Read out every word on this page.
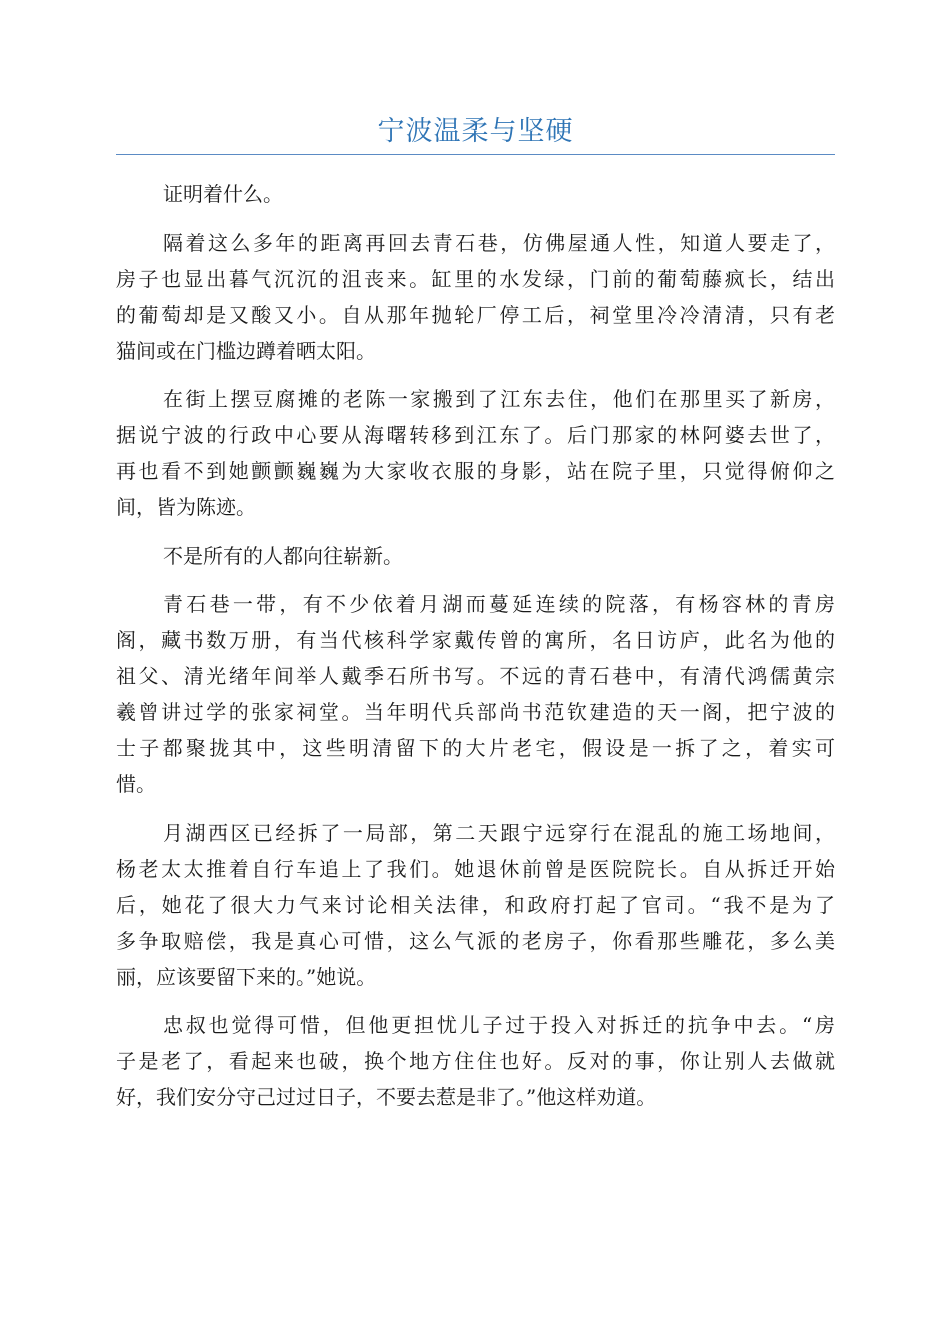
宁波温柔与坚硬
证明着什么。
隔着这么多年的距离再回去青石巷，仿佛屋通人性，知道人要走了，
房子也显出暮气沉沉的沮丧来。缸里的水发绿，门前的葡萄藤疯长，结出
的葡萄却是又酸又小。自从那年抛轮厂停工后，祠堂里冷冷清清，只有老
猫间或在门槛边蹲着晒太阳。
在街上摆豆腐摊的老陈一家搬到了江东去住，他们在那里买了新房，
据说宁波的行政中心要从海曙转移到江东了。后门那家的林阿婆去世了，
再也看不到她颤颤巍巍为大家收衣服的身影，站在院子里，只觉得俯仰之
间，皆为陈迹。
不是所有的人都向往崭新。
青石巷一带，有不少依着月湖而蔓延连续的院落，有杨容林的青房
阁，藏书数万册，有当代核科学家戴传曾的寓所，名日访庐，此名为他的
祖父、清光绪年间举人戴季石所书写。不远的青石巷中，有清代鸿儒黄宗
羲曾讲过学的张家祠堂。当年明代兵部尚书范钦建造的天一阁，把宁波的
士子都聚拢其中，这些明清留下的大片老宅，假设是一拆了之，着实可
惜。
月湖西区已经拆了一局部，第二天跟宁远穿行在混乱的施工场地间，
杨老太太推着自行车追上了我们。她退休前曾是医院院长。自从拆迁开始
后，她花了很大力气来讨论相关法律，和政府打起了官司。“我不是为了
多争取赔偿，我是真心可惜，这么气派的老房子，你看那些雕花，多么美
丽，应该要留下来的。”她说。
忠叔也觉得可惜，但他更担忧儿子过于投入对拆迁的抗争中去。“房
子是老了，看起来也破，换个地方住住也好。反对的事，你让别人去做就
好，我们安分守己过过日子，不要去惹是非了。”他这样劝道。
